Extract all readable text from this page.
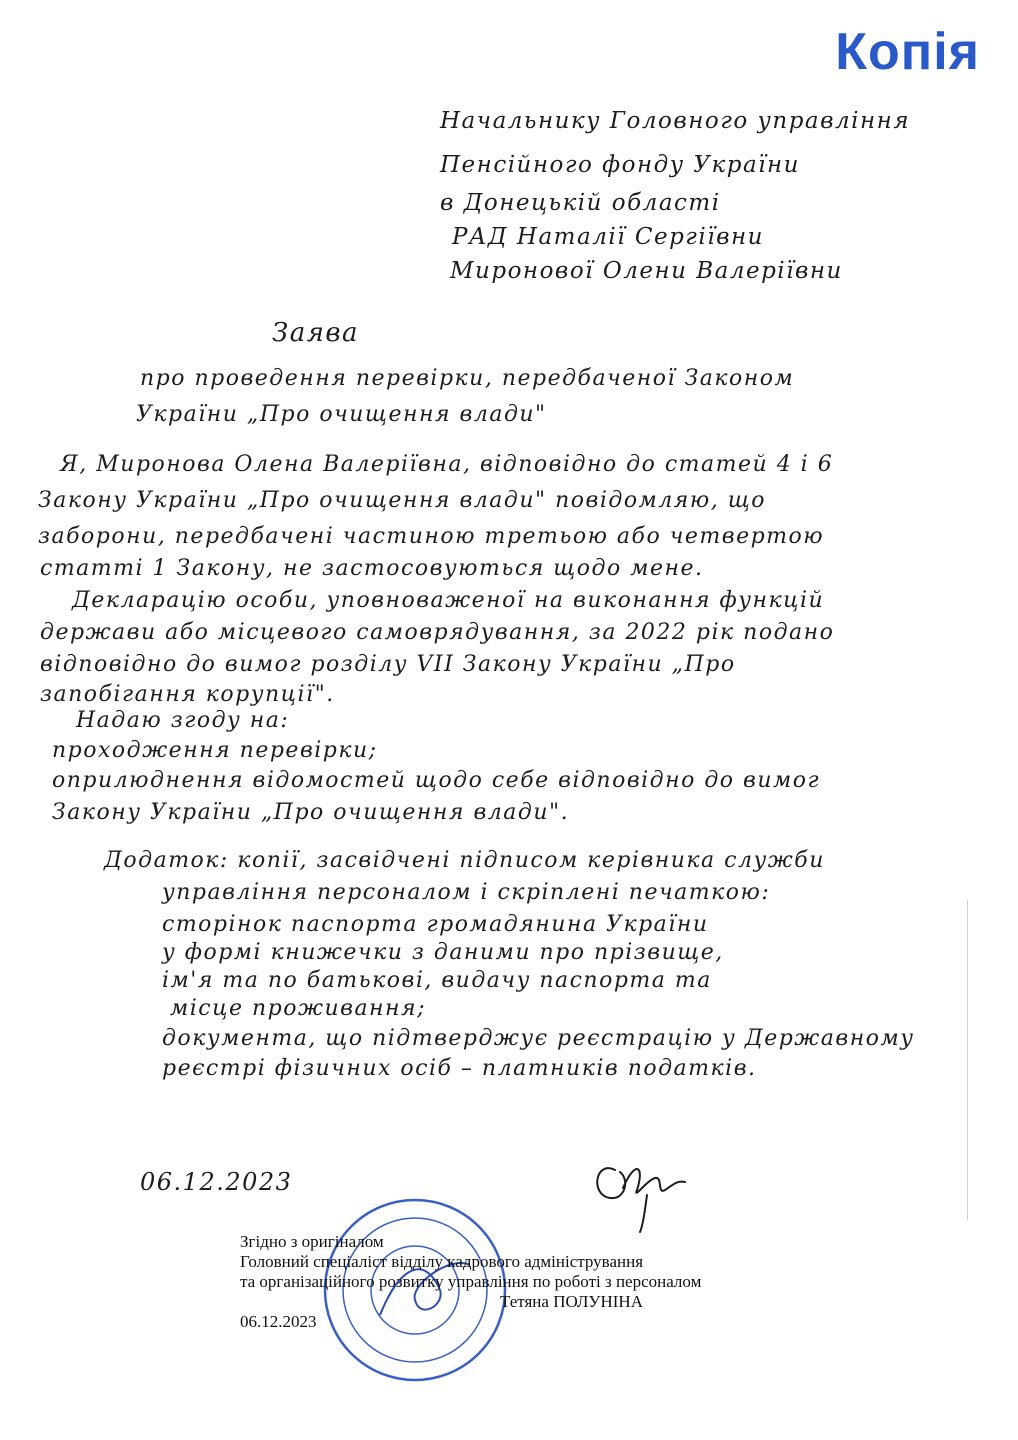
Копія
Начальнику Головного управління
Пенсійного фонду України
в Донецькій області
РАД Наталії Сергіївни
Миронової Олени Валеріївни
Заява
про проведення перевірки, передбаченої Законом
України „Про очищення влади"
Я, Миронова Олена Валеріївна, відповідно до статей 4 і 6
Закону України „Про очищення влади" повідомляю, що
заборони, передбачені частиною третьою або четвертою
статті 1 Закону, не застосовуються щодо мене.
Декларацію особи, уповноваженої на виконання функцій
держави або місцевого самоврядування, за 2022 рік подано
відповідно до вимог розділу VII Закону України „Про
запобігання корупції".
Надаю згоду на:
проходження перевірки;
оприлюднення відомостей щодо себе відповідно до вимог
Закону України „Про очищення влади".
Додаток: копії, засвідчені підписом керівника служби
управління персоналом і скріплені печаткою:
сторінок паспорта громадянина України
у формі книжечки з даними про прізвище,
ім'я та по батькові, видачу паспорта та
місце проживання;
документа, що підтверджує реєстрацію у Державному
реєстрі фізичних осіб – платників податків.
06.12.2023
Згідно з оригіналом
Головний спеціаліст відділу кадрового адміністрування
та організаційного розвитку управління по роботі з персоналом
Тетяна ПОЛУНІНА
06.12.2023
